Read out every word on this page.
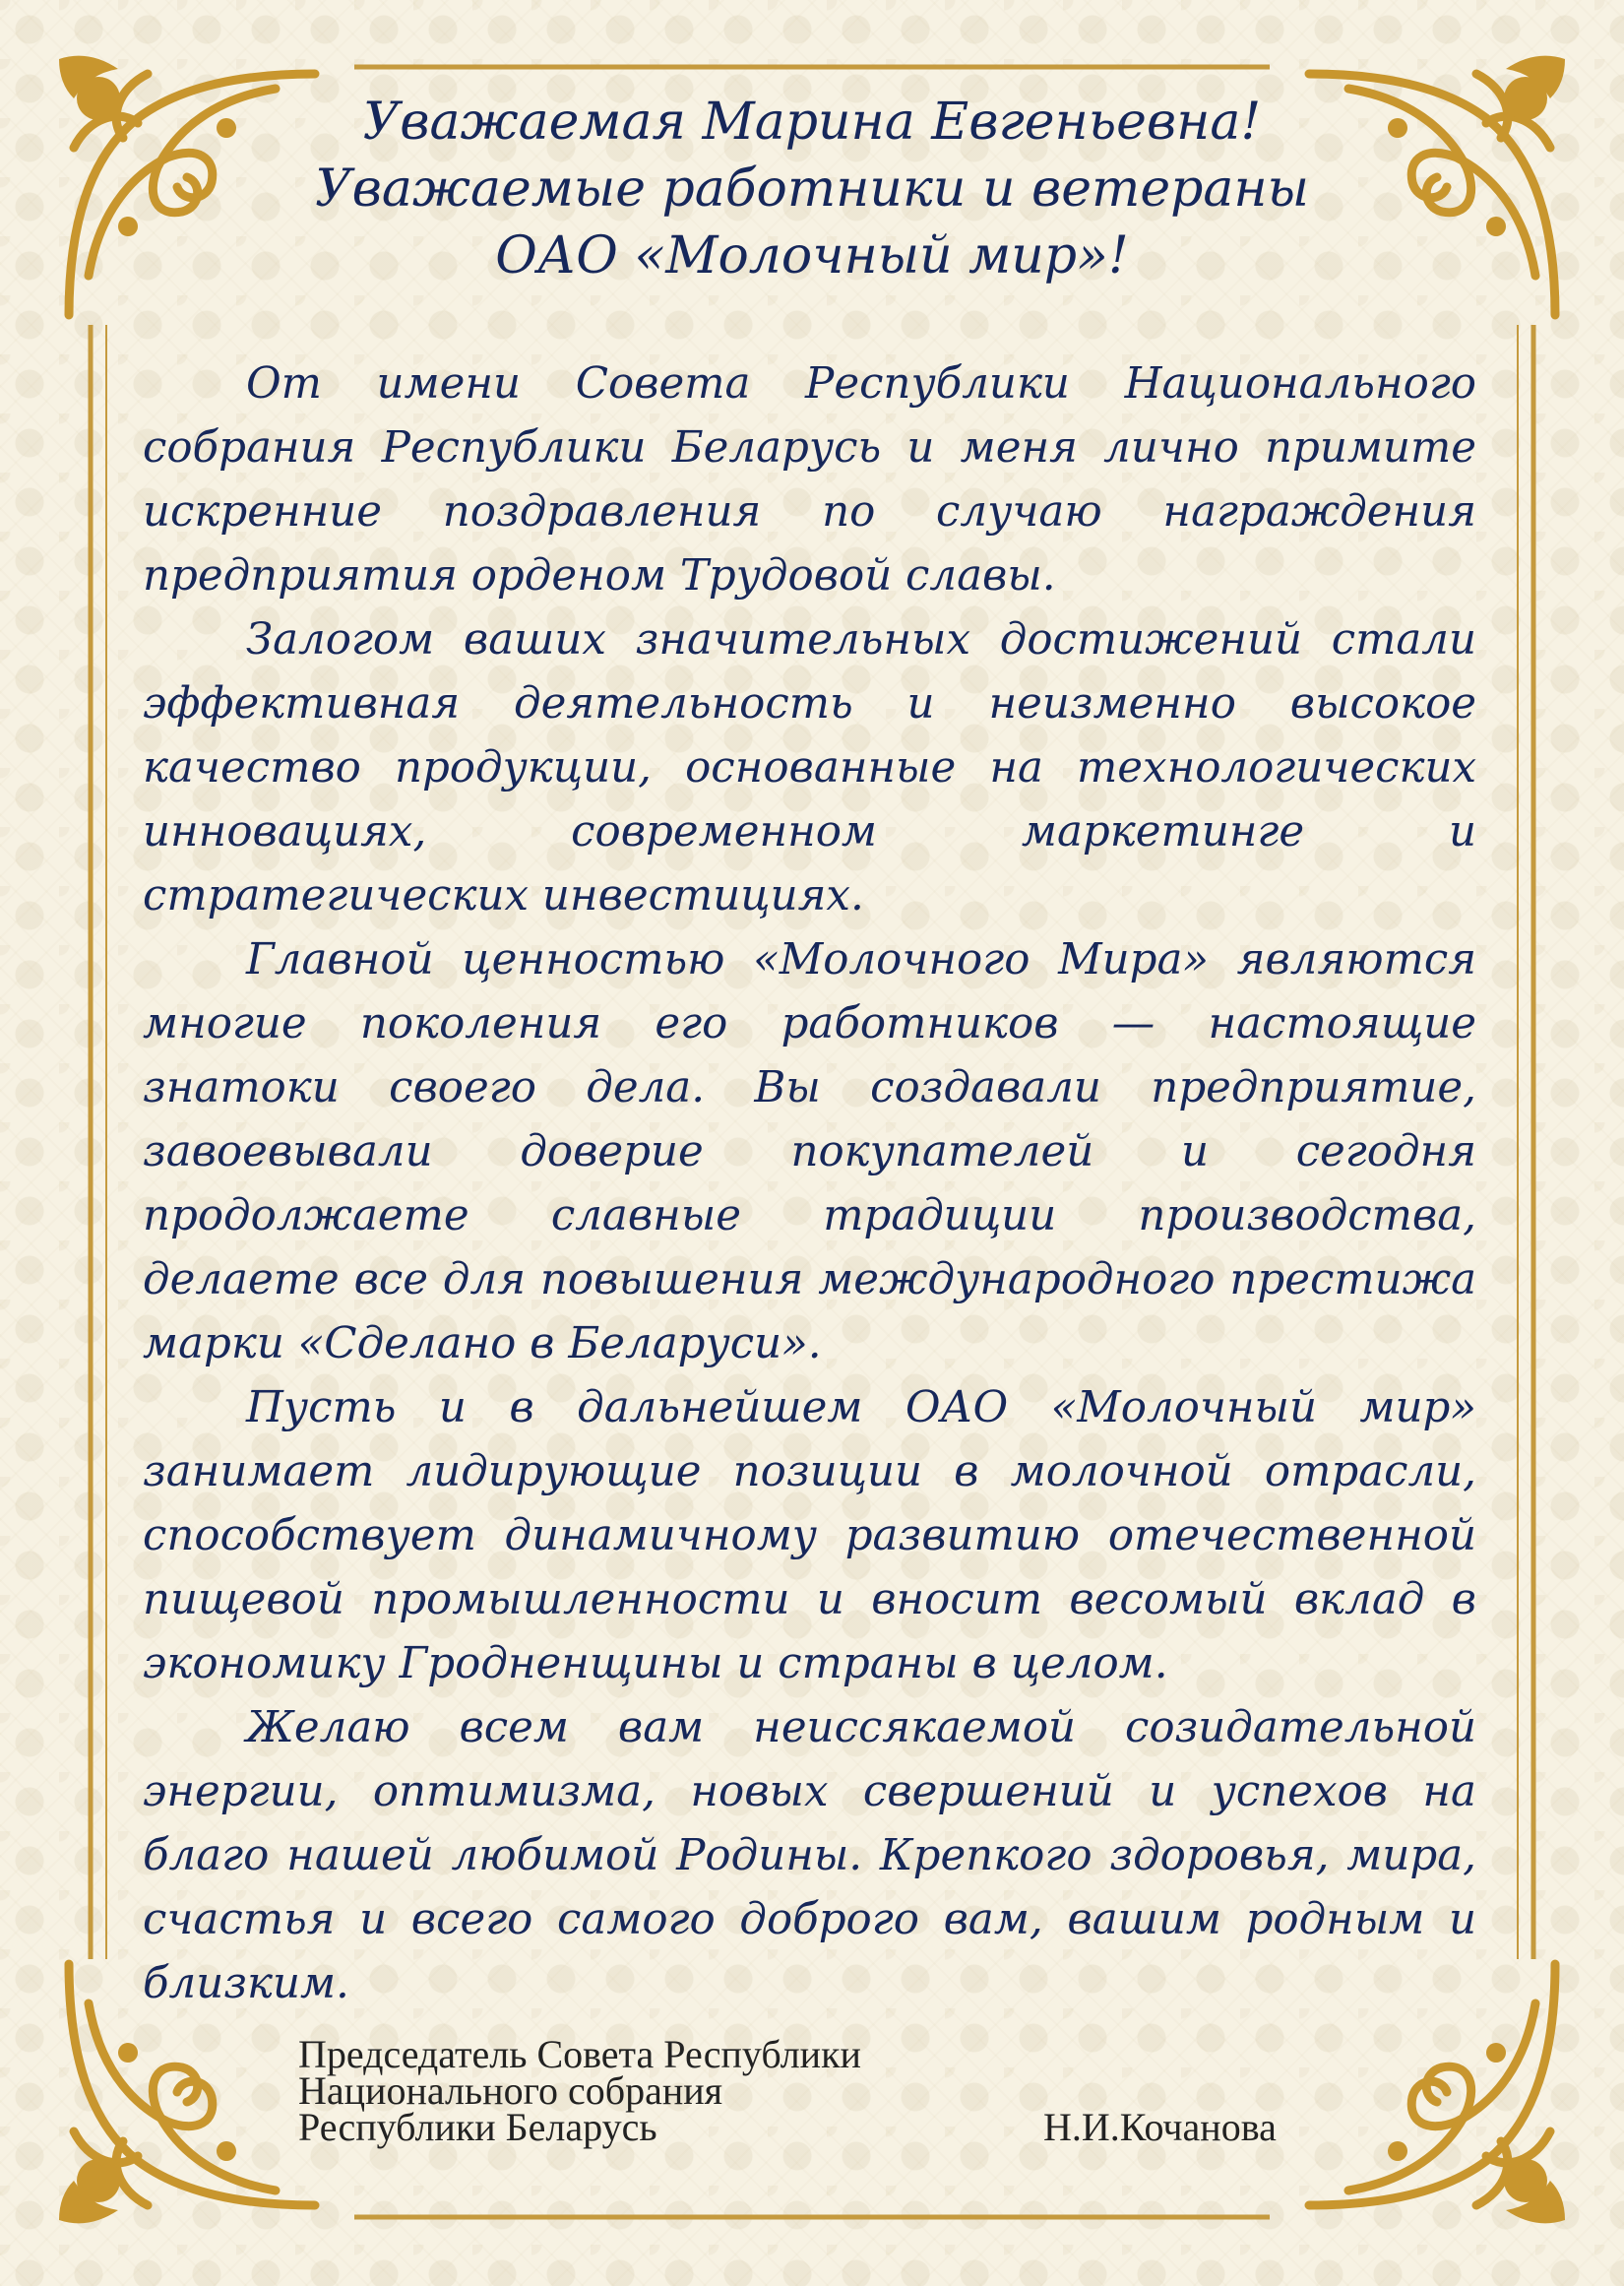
Уважаемая Марина Евгеньевна!
Уважаемые работники и ветераны
ОАО «Молочный мир»!

От имени Совета Республики Национального собрания Республики Беларусь и меня лично примите искренние поздравления по случаю награждения предприятия орденом Трудовой славы.

Залогом ваших значительных достижений стали эффективная деятельность и неизменно высокое качество продукции, основанные на технологических инновациях, современном маркетинге и стратегических инвестициях.

Главной ценностью «Молочного Мира» являются многие поколения его работников — настоящие знатоки своего дела. Вы создавали предприятие, завоевывали доверие покупателей и сегодня продолжаете славные традиции производства, делаете все для повышения международного престижа марки «Сделано в Беларуси».

Пусть и в дальнейшем ОАО «Молочный мир» занимает лидирующие позиции в молочной отрасли, способствует динамичному развитию отечественной пищевой промышленности и вносит весомый вклад в экономику Гродненщины и страны в целом.

Желаю всем вам неиссякаемой созидательной энергии, оптимизма, новых свершений и успехов на благо нашей любимой Родины. Крепкого здоровья, мира, счастья и всего самого доброго вам, вашим родным и близким.

Председатель Совета Республики
Национального собрания
Республики Беларусь	Н.И.Кочанова
